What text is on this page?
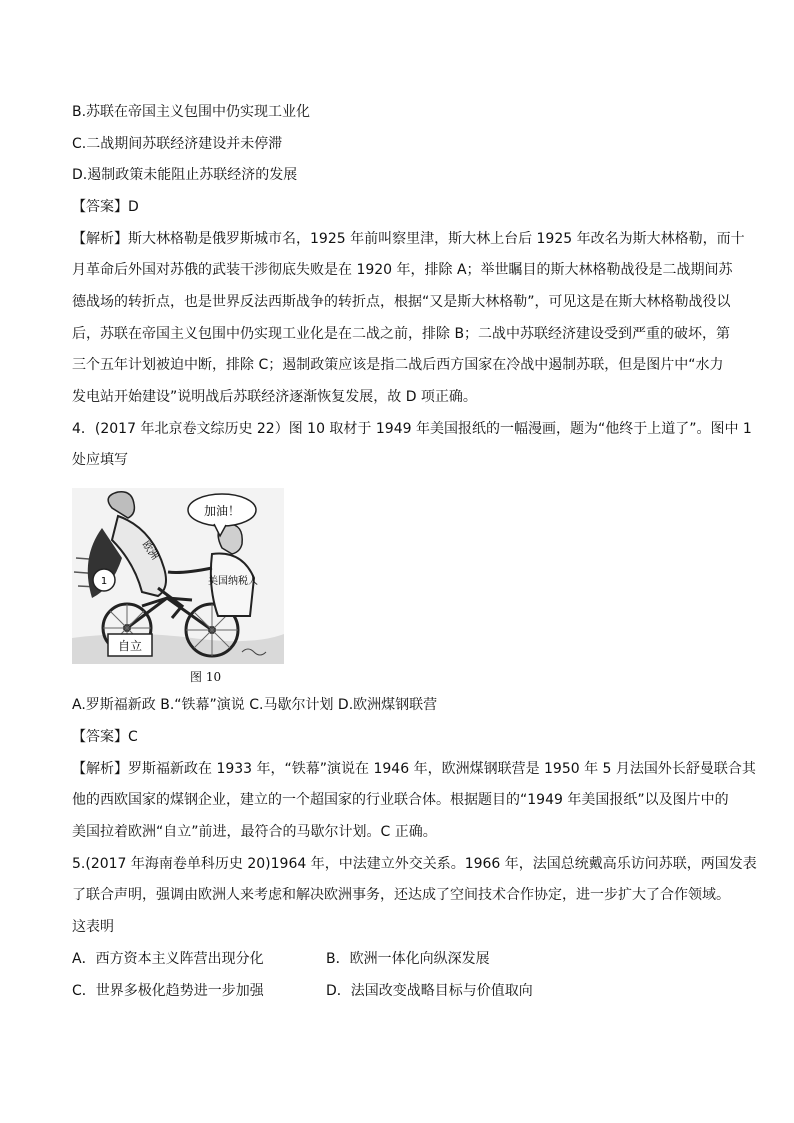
B.苏联在帝国主义包围中仍实现工业化
C.二战期间苏联经济建设并未停滞
D.遏制政策未能阻止苏联经济的发展
【答案】D
【解析】斯大林格勒是俄罗斯城市名，1925 年前叫察里津，斯大林上台后 1925 年改名为斯大林格勒，而十
月革命后外国对苏俄的武装干涉彻底失败是在 1920 年，排除 A；举世瞩目的斯大林格勒战役是二战期间苏
德战场的转折点，也是世界反法西斯战争的转折点，根据“又是斯大林格勒”，可见这是在斯大林格勒战役以
后，苏联在帝国主义包围中仍实现工业化是在二战之前，排除 B；二战中苏联经济建设受到严重的破坏，第
三个五年计划被迫中断，排除 C；遏制政策应该是指二战后西方国家在冷战中遏制苏联，但是图片中“水力
发电站开始建设”说明战后苏联经济逐渐恢复发展，故 D 项正确。
4．(2017 年北京卷文综历史 22）图 10 取材于 1949 年美国报纸的一幅漫画，题为“他终于上道了”。图中 1
处应填写
加油！
欧洲
美国纳税人
1
自立
图 10
A.罗斯福新政 B.“铁幕”演说 C.马歇尔计划 D.欧洲煤钢联营
【答案】C
【解析】罗斯福新政在 1933 年，“铁幕”演说在 1946 年，欧洲煤钢联营是 1950 年 5 月法国外长舒曼联合其
他的西欧国家的煤钢企业，建立的一个超国家的行业联合体。根据题目的“1949 年美国报纸”以及图片中的
美国拉着欧洲“自立”前进，最符合的马歇尔计划。C 正确。
5.(2017 年海南卷单科历史 20)1964 年，中法建立外交关系。1966 年，法国总统戴高乐访问苏联，两国发表
了联合声明，强调由欧洲人来考虑和解决欧洲事务，还达成了空间技术合作协定，进一步扩大了合作领域。
这表明
A．西方资本主义阵营出现分化	B．欧洲一体化向纵深发展
C．世界多极化趋势进一步加强	D．法国改变战略目标与价值取向
